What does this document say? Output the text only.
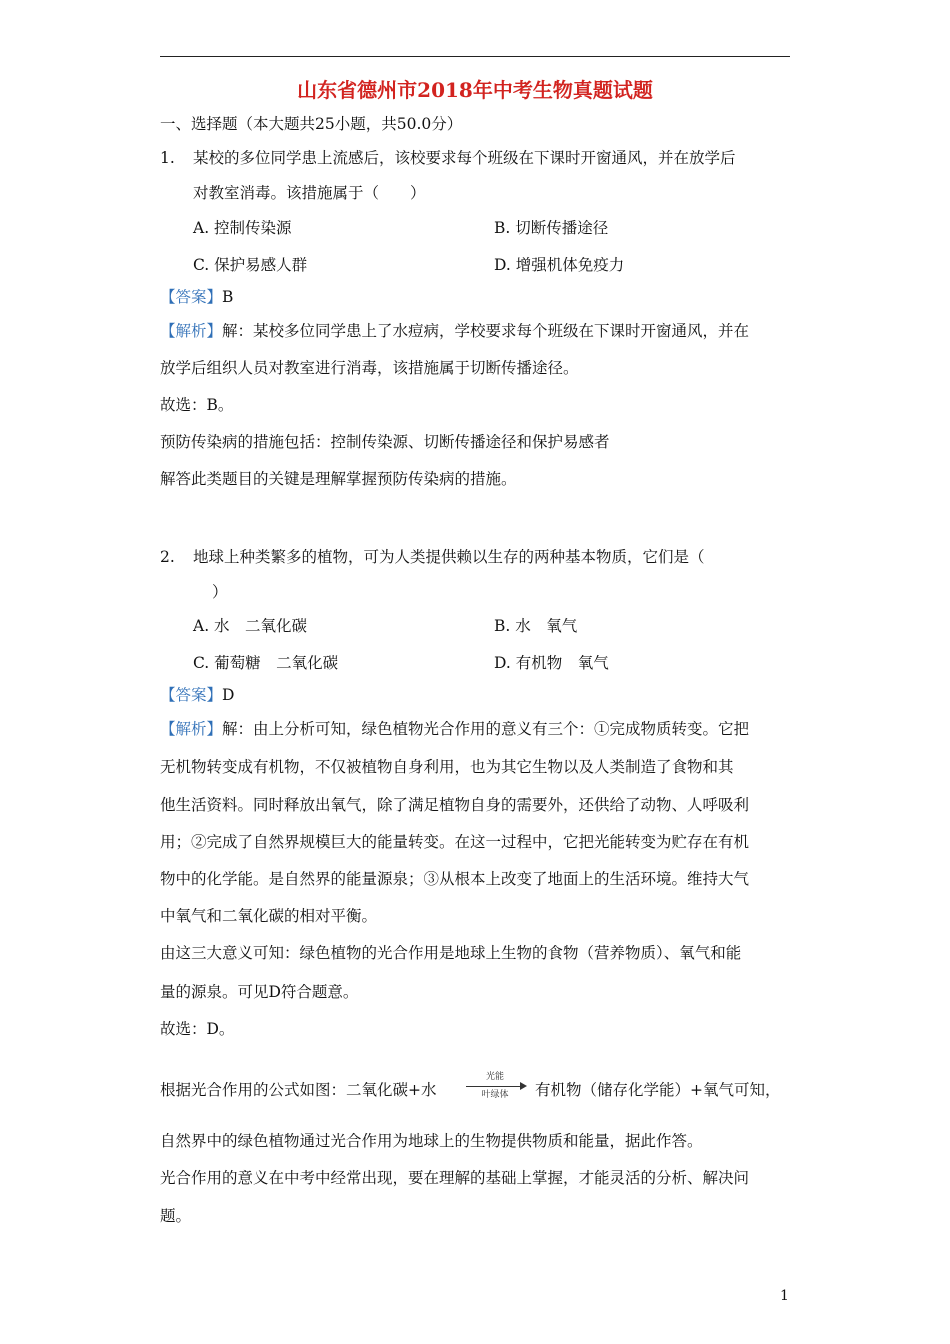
山东省德州市2018年中考生物真题试题
一、选择题（本大题共25小题，共50.0分）
1. 某校的多位同学患上流感后，该校要求每个班级在下课时开窗通风，并在放学后
对教室消毒。该措施属于（　　）
A. 控制传染源	B. 切断传播途径
C. 保护易感人群	D. 增强机体免疫力
【答案】B
【解析】解：某校多位同学患上了水痘病，学校要求每个班级在下课时开窗通风，并在
放学后组织人员对教室进行消毒，该措施属于切断传播途径。
故选：B。
预防传染病的措施包括：控制传染源、切断传播途径和保护易感者
解答此类题目的关键是理解掌握预防传染病的措施。
2. 地球上种类繁多的植物，可为人类提供赖以生存的两种基本物质，它们是（
）
A. 水　二氧化碳	B. 水　氧气
C. 葡萄糖　二氧化碳	D. 有机物　氧气
【答案】D
【解析】解：由上分析可知，绿色植物光合作用的意义有三个：①完成物质转变。它把
无机物转变成有机物，不仅被植物自身利用，也为其它生物以及人类制造了食物和其
他生活资料。同时释放出氧气，除了满足植物自身的需要外，还供给了动物、人呼吸利
用；②完成了自然界规模巨大的能量转变。在这一过程中，它把光能转变为贮存在有机
物中的化学能。是自然界的能量源泉；③从根本上改变了地面上的生活环境。维持大气
中氧气和二氧化碳的相对平衡。
由这三大意义可知：绿色植物的光合作用是地球上生物的食物（营养物质）、氧气和能
量的源泉。可见D符合题意。
故选：D。
根据光合作用的公式如图：二氧化碳+水
光能
叶绿体	有机物（储存化学能）+氧气可知，
自然界中的绿色植物通过光合作用为地球上的生物提供物质和能量，据此作答。
光合作用的意义在中考中经常出现，要在理解的基础上掌握，才能灵活的分析、解决问
题。
1
